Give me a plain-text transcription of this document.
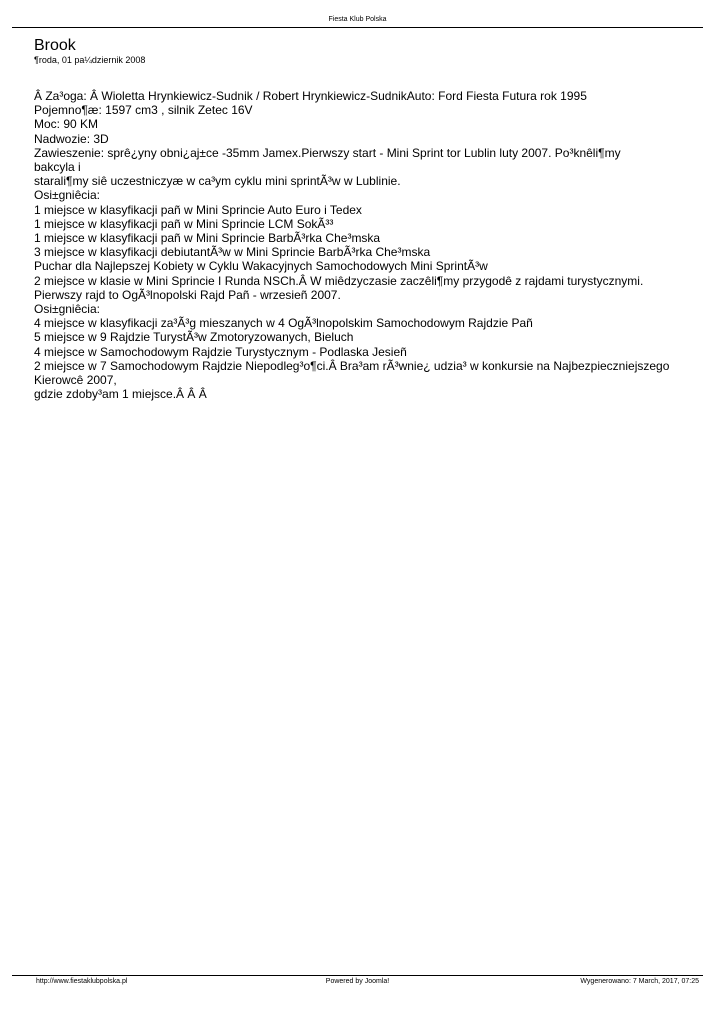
Fiesta Klub Polska
Brook
¶roda, 01 pa¼dziernik 2008
Â Za³oga: Â Wioletta Hrynkiewicz-Sudnik / Robert Hrynkiewicz-SudnikAuto: Ford Fiesta Futura rok 1995
Pojemno¶æ: 1597 cm3 , silnik Zetec 16V
Moc: 90 KM
Nadwozie: 3D
Zawieszenie: sprê¿yny obni¿aj±ce -35mm Jamex.Pierwszy start - Mini Sprint tor Lublin luty 2007. Po³knêli¶my
bakcyla i
starali¶my siê uczestniczyæ w ca³ym cyklu mini sprintÃ³w w Lublinie.
Osi±gniêcia:
1 miejsce w klasyfikacji pañ w Mini Sprincie Auto Euro i Tedex
1 miejsce w klasyfikacji pañ w Mini Sprincie LCM SokÃ³³
1 miejsce w klasyfikacji pañ w Mini Sprincie BarbÃ³rka Che³mska
3 miejsce w klasyfikacji debiutantÃ³w w Mini Sprincie BarbÃ³rka Che³mska
Puchar dla Najlepszej Kobiety w Cyklu Wakacyjnych Samochodowych Mini SprintÃ³w
2 miejsce w klasie w Mini Sprincie I Runda NSCh.Â W miêdzyczasie zaczêli¶my przygodê z rajdami turystycznymi.
Pierwszy rajd to OgÃ³lnopolski Rajd Pañ - wrzesieñ 2007.
Osi±gniêcia:
4 miejsce w klasyfikacji za³Ã³g mieszanych w 4 OgÃ³lnopolskim Samochodowym Rajdzie Pañ
5 miejsce w 9 Rajdzie TurystÃ³w Zmotoryzowanych, Bieluch
4 miejsce w Samochodowym Rajdzie Turystycznym - Podlaska Jesieñ
2 miejsce w 7 Samochodowym Rajdzie Niepodleg³o¶ci.Â Bra³am rÃ³wnie¿ udzia³ w konkursie na Najbezpieczniejszego
Kierowcê 2007,
gdzie zdoby³am 1 miejsce.Â Â Â
http://www.fiestaklubpolska.pl	Powered by Joomla!	Wygenerowano: 7 March, 2017, 07:25
